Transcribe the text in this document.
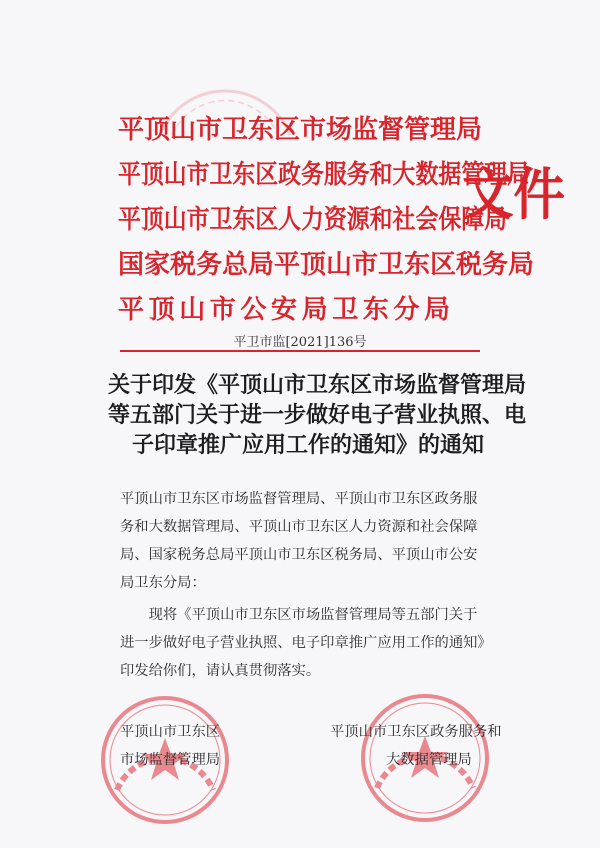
平顶山市卫东区市场监督管理局
平顶山市卫东区政务服务和大数据管理局
平顶山市卫东区人力资源和社会保障局
国家税务总局平顶山市卫东区税务局
平顶山市公安局卫东分局
文件
平卫市监[2021]136号
关于印发《平顶山市卫东区市场监督管理局
等五部门关于进一步做好电子营业执照、电
子印章推广应用工作的通知》的通知
平顶山市卫东区市场监督管理局、平顶山市卫东区政务服务和大数据管理局、平顶山市卫东区人力资源和社会保障局、国家税务总局平顶山市卫东区税务局、平顶山市公安局卫东分局：
现将《平顶山市卫东区市场监督管理局等五部门关于进一步做好电子营业执照、电子印章推广应用工作的通知》印发给你们，请认真贯彻落实。
平顶山市卫东区
市场监督管理局
平顶山市卫东区政务服务和
大数据管理局
